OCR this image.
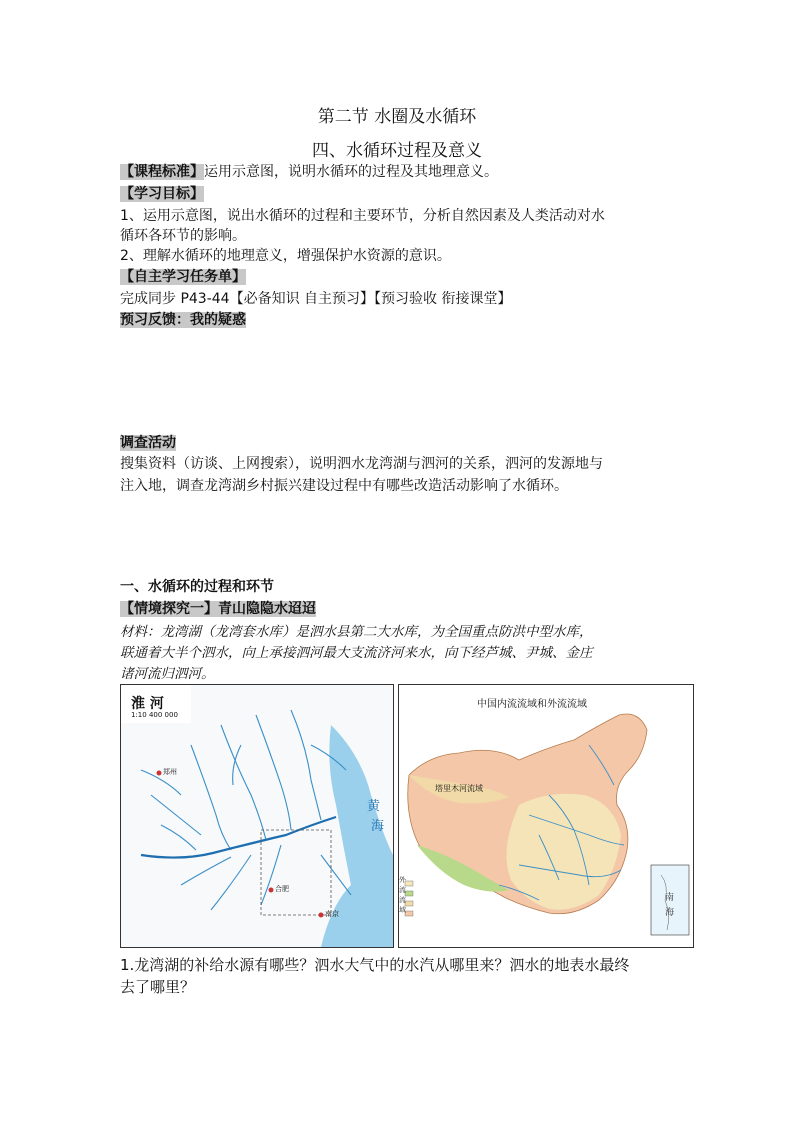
第二节 水圈及水循环
四、水循环过程及意义
【课程标准】运用示意图，说明水循环的过程及其地理意义。
【学习目标】
1、运用示意图，说出水循环的过程和主要环节，分析自然因素及人类活动对水
循环各环节的影响。
2、理解水循环的地理意义，增强保护水资源的意识。
【自主学习任务单】
完成同步 P43-44【必备知识 自主预习】【预习验收 衔接课堂】
预习反馈：我的疑惑
调查活动
搜集资料（访谈、上网搜索），说明泗水龙湾湖与泗河的关系，泗河的发源地与
注入地，调查龙湾湖乡村振兴建设过程中有哪些改造活动影响了水循环。
一、水循环的过程和环节
【情境探究一】青山隐隐水迢迢
材料：龙湾湖（龙湾套水库）是泗水县第二大水库，为全国重点防洪中型水库，
联通着大半个泗水，向上承接泗河最大支流济河来水，向下经芦城、尹城、金庄
诸河流归泗河。
淮 河
1:10 400 000
黄
海
合肥
南京
郑州
中国内流流域和外流流域
塔里木河流域
外
流
流
域
南
海
1.龙湾湖的补给水源有哪些？泗水大气中的水汽从哪里来？泗水的地表水最终
去了哪里？
